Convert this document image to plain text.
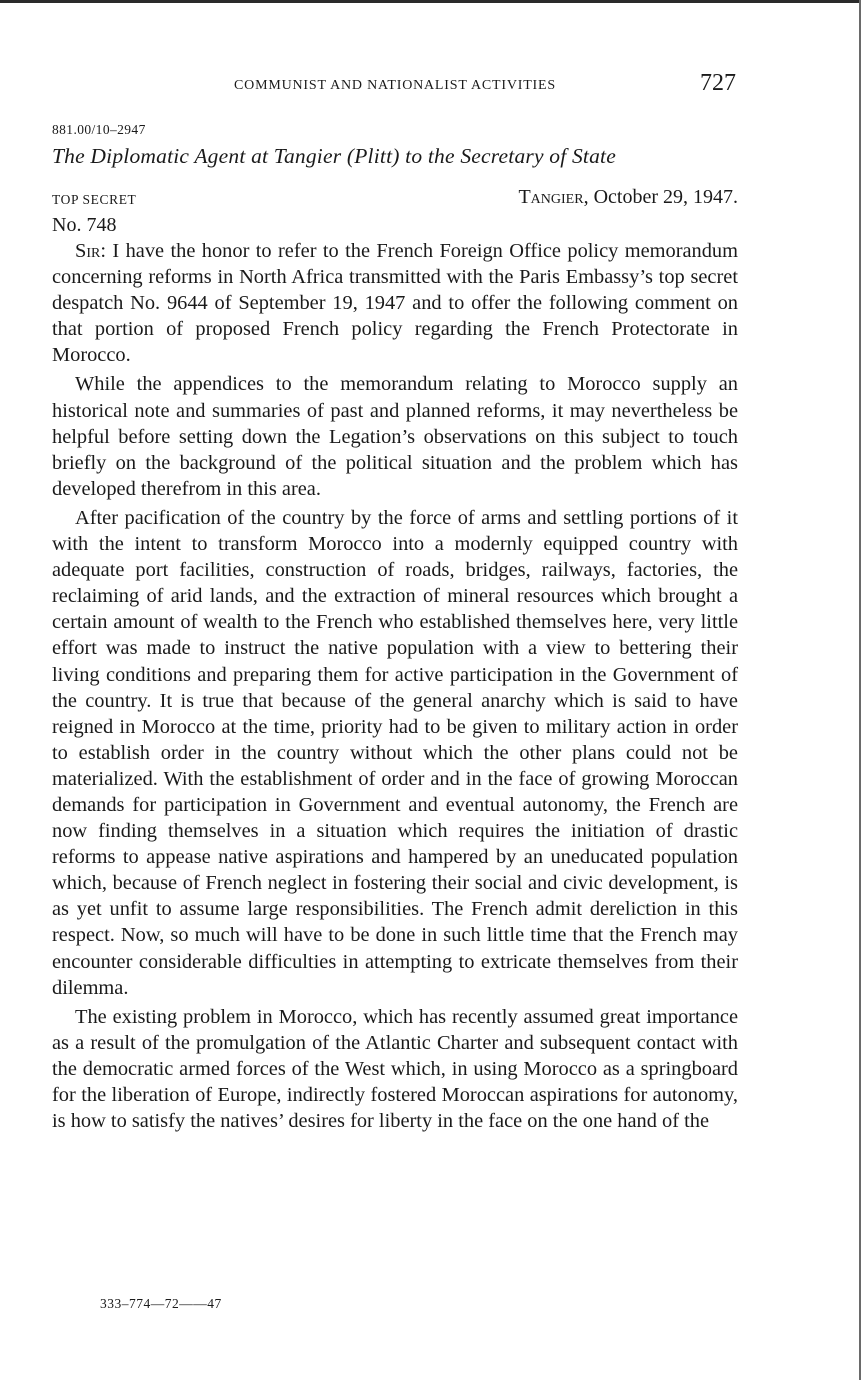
COMMUNIST AND NATIONALIST ACTIVITIES	727
881.00/10–2947
The Diplomatic Agent at Tangier (Plitt) to the Secretary of State
TOP SECRET	Tangier, October 29, 1947.
No. 748

Sir: I have the honor to refer to the French Foreign Office policy memorandum concerning reforms in North Africa transmitted with the Paris Embassy’s top secret despatch No. 9644 of September 19, 1947 and to offer the following comment on that portion of proposed French policy regarding the French Protectorate in Morocco.

While the appendices to the memorandum relating to Morocco supply an historical note and summaries of past and planned reforms, it may nevertheless be helpful before setting down the Legation’s observations on this subject to touch briefly on the background of the political situation and the problem which has developed therefrom in this area.

After pacification of the country by the force of arms and settling portions of it with the intent to transform Morocco into a modernly equipped country with adequate port facilities, construction of roads, bridges, railways, factories, the reclaiming of arid lands, and the extraction of mineral resources which brought a certain amount of wealth to the French who established themselves here, very little effort was made to instruct the native population with a view to bettering their living conditions and preparing them for active participation in the Government of the country. It is true that because of the general anarchy which is said to have reigned in Morocco at the time, priority had to be given to military action in order to establish order in the country without which the other plans could not be materialized. With the establishment of order and in the face of growing Moroccan demands for participation in Government and eventual autonomy, the French are now finding themselves in a situation which requires the initiation of drastic reforms to appease native aspirations and hampered by an uneducated population which, because of French neglect in fostering their social and civic development, is as yet unfit to assume large responsibilities. The French admit dereliction in this respect. Now, so much will have to be done in such little time that the French may encounter considerable difficulties in attempting to extricate themselves from their dilemma.

The existing problem in Morocco, which has recently assumed great importance as a result of the promulgation of the Atlantic Charter and subsequent contact with the democratic armed forces of the West which, in using Morocco as a springboard for the liberation of Europe, indirectly fostered Moroccan aspirations for autonomy, is how to satisfy the natives’ desires for liberty in the face on the one hand of the

333–774—72——47
